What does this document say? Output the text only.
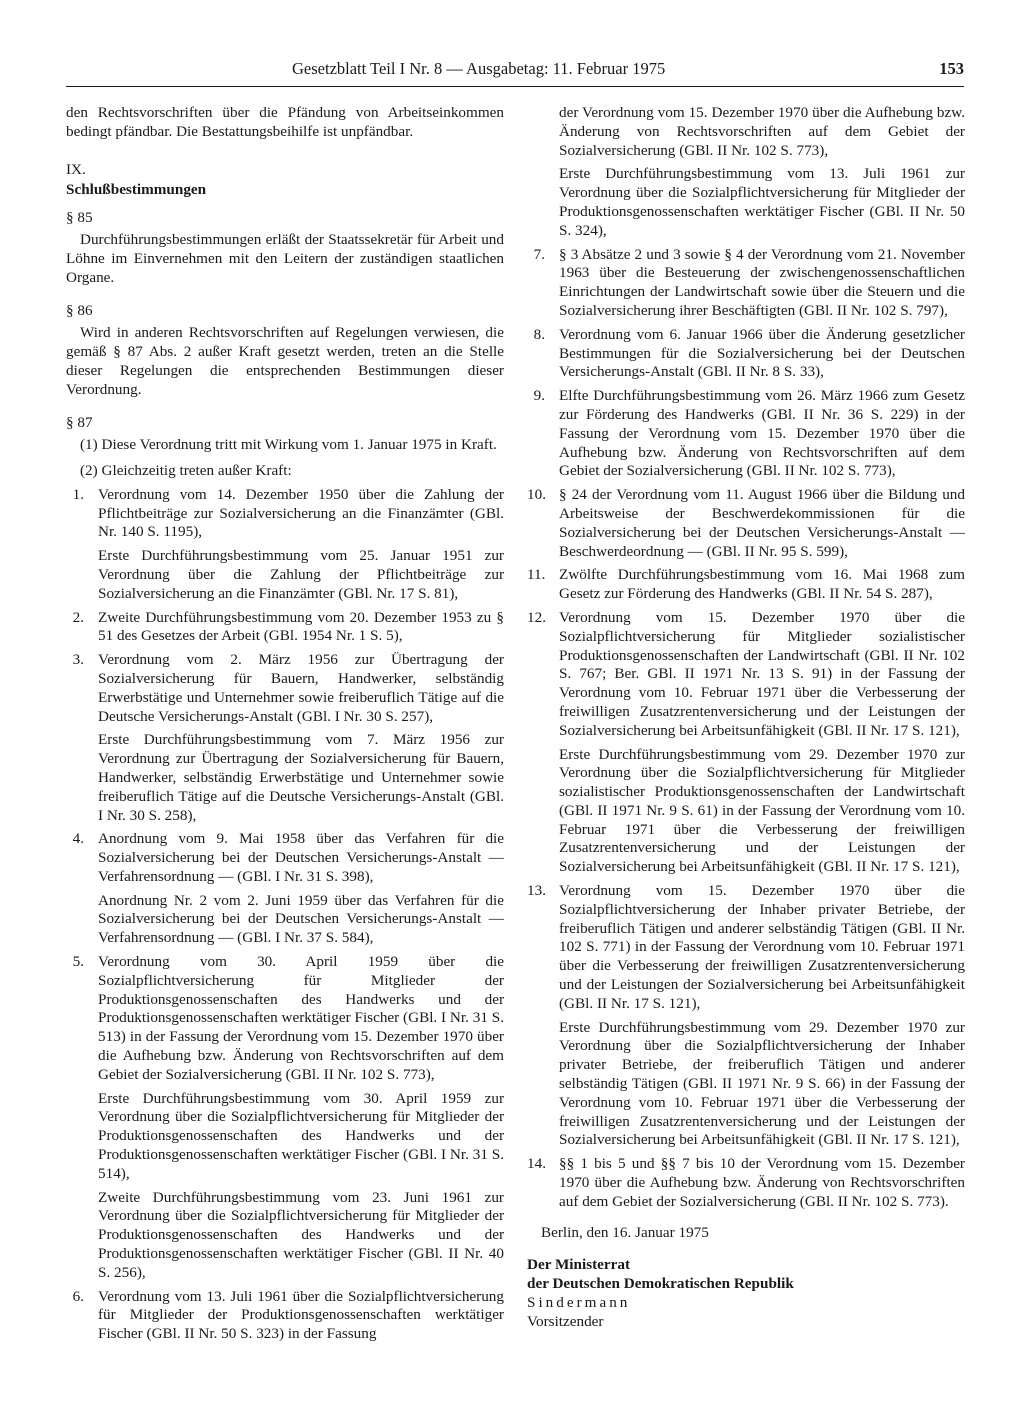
Gesetzblatt Teil I Nr. 8 — Ausgabetag: 11. Februar 1975	153

den Rechtsvorschriften über die Pfändung von Arbeitseinkommen bedingt pfändbar. Die Bestattungsbeihilfe ist unpfändbar.

IX.

Schlußbestimmungen

§ 85

Durchführungsbestimmungen erläßt der Staatssekretär für Arbeit und Löhne im Einvernehmen mit den Leitern der zuständigen staatlichen Organe.

§ 86

Wird in anderen Rechtsvorschriften auf Regelungen verwiesen, die gemäß § 87 Abs. 2 außer Kraft gesetzt werden, treten an die Stelle dieser Regelungen die entsprechenden Bestimmungen dieser Verordnung.

§ 87

(1) Diese Verordnung tritt mit Wirkung vom 1. Januar 1975 in Kraft.

(2) Gleichzeitig treten außer Kraft:

1. Verordnung vom 14. Dezember 1950 über die Zahlung der Pflichtbeiträge zur Sozialversicherung an die Finanzämter (GBl. Nr. 140 S. 1195),

Erste Durchführungsbestimmung vom 25. Januar 1951 zur Verordnung über die Zahlung der Pflichtbeiträge zur Sozialversicherung an die Finanzämter (GBl. Nr. 17 S. 81),

2. Zweite Durchführungsbestimmung vom 20. Dezember 1953 zu § 51 des Gesetzes der Arbeit (GBl. 1954 Nr. 1 S. 5),

3. Verordnung vom 2. März 1956 zur Übertragung der Sozialversicherung für Bauern, Handwerker, selbständig Erwerbstätige und Unternehmer sowie freiberuflich Tätige auf die Deutsche Versicherungs-Anstalt (GBl. I Nr. 30 S. 257),

Erste Durchführungsbestimmung vom 7. März 1956 zur Verordnung zur Übertragung der Sozialversicherung für Bauern, Handwerker, selbständig Erwerbstätige und Unternehmer sowie freiberuflich Tätige auf die Deutsche Versicherungs-Anstalt (GBl. I Nr. 30 S. 258),

4. Anordnung vom 9. Mai 1958 über das Verfahren für die Sozialversicherung bei der Deutschen Versicherungs-Anstalt — Verfahrensordnung — (GBl. I Nr. 31 S. 398),

Anordnung Nr. 2 vom 2. Juni 1959 über das Verfahren für die Sozialversicherung bei der Deutschen Versicherungs-Anstalt — Verfahrensordnung — (GBl. I Nr. 37 S. 584),

5. Verordnung vom 30. April 1959 über die Sozialpflichtversicherung für Mitglieder der Produktionsgenossenschaften des Handwerks und der Produktionsgenossenschaften werktätiger Fischer (GBl. I Nr. 31 S. 513) in der Fassung der Verordnung vom 15. Dezember 1970 über die Aufhebung bzw. Änderung von Rechtsvorschriften auf dem Gebiet der Sozialversicherung (GBl. II Nr. 102 S. 773),

Erste Durchführungsbestimmung vom 30. April 1959 zur Verordnung über die Sozialpflichtversicherung für Mitglieder der Produktionsgenossenschaften des Handwerks und der Produktionsgenossenschaften werktätiger Fischer (GBl. I Nr. 31 S. 514),

Zweite Durchführungsbestimmung vom 23. Juni 1961 zur Verordnung über die Sozialpflichtversicherung für Mitglieder der Produktionsgenossenschaften des Handwerks und der Produktionsgenossenschaften werktätiger Fischer (GBl. II Nr. 40 S. 256),

6. Verordnung vom 13. Juli 1961 über die Sozialpflichtversicherung für Mitglieder der Produktionsgenossenschaften werktätiger Fischer (GBl. II Nr. 50 S. 323) in der Fassung

der Verordnung vom 15. Dezember 1970 über die Aufhebung bzw. Änderung von Rechtsvorschriften auf dem Gebiet der Sozialversicherung (GBl. II Nr. 102 S. 773),

Erste Durchführungsbestimmung vom 13. Juli 1961 zur Verordnung über die Sozialpflichtversicherung für Mitglieder der Produktionsgenossenschaften werktätiger Fischer (GBl. II Nr. 50 S. 324),

7. § 3 Absätze 2 und 3 sowie § 4 der Verordnung vom 21. November 1963 über die Besteuerung der zwischengenossenschaftlichen Einrichtungen der Landwirtschaft sowie über die Steuern und die Sozialversicherung ihrer Beschäftigten (GBl. II Nr. 102 S. 797),

8. Verordnung vom 6. Januar 1966 über die Änderung gesetzlicher Bestimmungen für die Sozialversicherung bei der Deutschen Versicherungs-Anstalt (GBl. II Nr. 8 S. 33),

9. Elfte Durchführungsbestimmung vom 26. März 1966 zum Gesetz zur Förderung des Handwerks (GBl. II Nr. 36 S. 229) in der Fassung der Verordnung vom 15. Dezember 1970 über die Aufhebung bzw. Änderung von Rechtsvorschriften auf dem Gebiet der Sozialversicherung (GBl. II Nr. 102 S. 773),

10. § 24 der Verordnung vom 11. August 1966 über die Bildung und Arbeitsweise der Beschwerdekommissionen für die Sozialversicherung bei der Deutschen Versicherungs-Anstalt — Beschwerdeordnung — (GBl. II Nr. 95 S. 599),

11. Zwölfte Durchführungsbestimmung vom 16. Mai 1968 zum Gesetz zur Förderung des Handwerks (GBl. II Nr. 54 S. 287),

12. Verordnung vom 15. Dezember 1970 über die Sozialpflichtversicherung für Mitglieder sozialistischer Produktionsgenossenschaften der Landwirtschaft (GBl. II Nr. 102 S. 767; Ber. GBl. II 1971 Nr. 13 S. 91) in der Fassung der Verordnung vom 10. Februar 1971 über die Verbesserung der freiwilligen Zusatzrentenversicherung und der Leistungen der Sozialversicherung bei Arbeitsunfähigkeit (GBl. II Nr. 17 S. 121),

Erste Durchführungsbestimmung vom 29. Dezember 1970 zur Verordnung über die Sozialpflichtversicherung für Mitglieder sozialistischer Produktionsgenossenschaften der Landwirtschaft (GBl. II 1971 Nr. 9 S. 61) in der Fassung der Verordnung vom 10. Februar 1971 über die Verbesserung der freiwilligen Zusatzrentenversicherung und der Leistungen der Sozialversicherung bei Arbeitsunfähigkeit (GBl. II Nr. 17 S. 121),

13. Verordnung vom 15. Dezember 1970 über die Sozialpflichtversicherung der Inhaber privater Betriebe, der freiberuflich Tätigen und anderer selbständig Tätigen (GBl. II Nr. 102 S. 771) in der Fassung der Verordnung vom 10. Februar 1971 über die Verbesserung der freiwilligen Zusatzrentenversicherung und der Leistungen der Sozialversicherung bei Arbeitsunfähigkeit (GBl. II Nr. 17 S. 121),

Erste Durchführungsbestimmung vom 29. Dezember 1970 zur Verordnung über die Sozialpflichtversicherung der Inhaber privater Betriebe, der freiberuflich Tätigen und anderer selbständig Tätigen (GBl. II 1971 Nr. 9 S. 66) in der Fassung der Verordnung vom 10. Februar 1971 über die Verbesserung der freiwilligen Zusatzrentenversicherung und der Leistungen der Sozialversicherung bei Arbeitsunfähigkeit (GBl. II Nr. 17 S. 121),

14. §§ 1 bis 5 und §§ 7 bis 10 der Verordnung vom 15. Dezember 1970 über die Aufhebung bzw. Änderung von Rechtsvorschriften auf dem Gebiet der Sozialversicherung (GBl. II Nr. 102 S. 773).

Berlin, den 16. Januar 1975

Der Ministerrat

der Deutschen Demokratischen Republik

Sindermann

Vorsitzender
